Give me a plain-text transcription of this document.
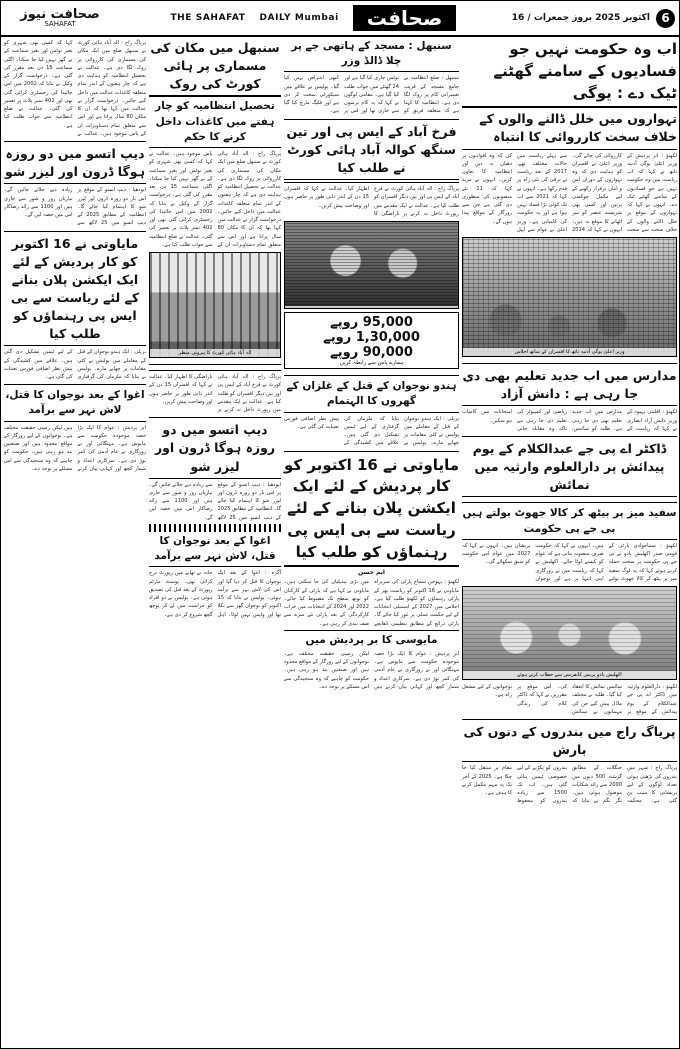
صحافت نیوز
SAHAFAT
THE SAHAFAT DAILY Mumbai	صحافت	16 / اکتوبر 2025 بروز جمعرات 6
اب وہ حکومت نہیں جو فسادیوں کے سامنے گھٹنے ٹیک دے : یوگی
تہواروں میں خلل ڈالنے والوں کے خلاف سخت کارروائی کا انتباہ
لکھنؤ : اتر پردیش کے وزیر اعلیٰ یوگی آدتیہ ناتھ نے کہا کہ اب ریاست میں وہ حکومت نہیں ہے جو فسادیوں کے سامنے گھٹنے ٹیک دے۔ انہوں نے کہا کہ تہواروں کے موقع پر خلل ڈالنے والوں کے خلاف سخت سے سخت کارروائی کی جائے گی۔ وزیر اعلیٰ نے افسران کو ہدایت دی کہ وہ تہواروں کے دوران امن و امان برقرار رکھنے کے لیے مکمل چوکسی برتیں اور کسی بھی شرپسند عنصر کو سر اٹھانے کا موقع نہ دیں۔ انہوں نے کہا کہ 2014 سے پہلے ریاست میں حالات مختلف تھے، 2017 کے بعد ریاست نے ترقی کی نئی راہ پر قدم رکھا ہے۔ انہوں نے کہا کہ 2021 سے اب تک کوئی بڑا فساد نہیں ہوا ہے اور یہ حکومت کی کامیابی ہے۔ وزیر اعلیٰ نے عوام سے اپیل کی کہ وہ افواہوں پر دھیان نہ دیں اور انتظامیہ کا تعاون کریں۔ انہوں نے مزید کہا کہ 11 نئے منصوبوں کی منظوری دی گئی ہے جن سے روزگار کے مواقع پیدا ہوں گے۔
وزیر اعلیٰ یوگی آدتیہ ناتھ کا افسران کے ساتھ اجلاس
مدارس میں اب جدید تعلیم بھی دی جا رہی ہے : دانش آزاد
لکھنؤ : اقلیتی بہبود کے وزیر دانش آزاد انصاری نے کہا کہ ریاست کے مدارس میں اب جدید تعلیم بھی دی جا رہی ہے۔ طلبہ کو سائنس، ریاضی اور کمپیوٹر کی تعلیم دی جا رہی ہے تاکہ وہ مقابلہ جاتی امتحانات میں کامیاب ہو سکیں۔
ڈاکٹر اے پی جے عبدالکلام کے یوم پیدائش پر دارالعلوم وارثیہ میں نمائش
سفید میز پر بیٹھ کر کالا جھوٹ بولتے ہیں بی جے پی حکومت
لکھنؤ : سماجوادی پارٹی کے قومی صدر اکھلیش یادو نے بی جے پی حکومت پر سخت حملہ کرتے ہوئے کہا کہ یہ لوگ سفید میز پر بیٹھ کر کالا جھوٹ بولتے ہیں۔ انہوں نے کہا کہ حکومت صرف منصوبہ بناتی ہے کہ عوام کو کیسے لوٹا جائے۔ اکھلیش نے کہا کہ ریاست میں بے روزگاری اپنی انتہا پر ہے اور نوجوان پریشان ہیں۔ انہوں نے کہا کہ 2027 میں عوام اس حکومت کو سبق سکھائے گی۔
اکھلیش یادو پریس کانفرنس سے خطاب کرتے ہوئے
لکھنؤ : دارالعلوم وارثیہ میں ڈاکٹر اے پی جے عبدالکلام کے یوم پیدائش کے موقع پر سائنس نمائش کا انعقاد کیا گیا۔ طلبہ نے مختلف ماڈل پیش کیے جن کی مہمانوں نے ستائش کی۔ اس موقع پر مقررین نے کہا کہ ڈاکٹر کلام کی زندگی نوجوانوں کے لیے مشعل راہ ہے۔
پریاگ راج میں بندروں کے دنوں کی بارش
پریاگ راج : شہر میں بندروں کی بڑھتی ہوئی تعداد لوگوں کے لیے پریشانی کا سبب بن گئی ہے۔ محکمہ جنگلات کے مطابق گزشتہ 500 دنوں میں 2000 سے زائد شکایات موصول ہوئی ہیں۔ نگر نگم نے بتایا کہ بندروں کو پکڑنے کے لیے خصوصی ٹیمیں بنائی گئی ہیں۔ اب تک 1500 سے زیادہ بندروں کو محفوظ مقام پر منتقل کیا جا چکا ہے۔ 2025 کے آخر تک یہ مہم مکمل کرنے کا ہدف ہے۔
سنبھل : مسجد کے ہاتھی جے پر چلا ڈالڈ وزر
سنبھل : ضلع انتظامیہ نے جامع مسجد کے قریب تعمیراتی کام پر روک لگا دی ہے۔ انتظامیہ کا کہنا ہے کہ متعلقہ فریق کو نوٹس جاری کیا گیا ہے اور 24 گھنٹے میں جواب طلب کیا گیا ہے۔ مقامی لوگوں نے کہا کہ یہ کام برسوں سے جاری تھا اور اس پر کبھی اعتراض نہیں کیا گیا۔ پولیس نے علاقے میں سیکورٹی سخت کر دی ہے اور فلیگ مارچ کیا گیا ہے۔
فرخ آباد کے ایس پی اور تین سنگھ کوالہ آباد ہائی کورٹ نے طلب کیا
پریاگ راج : الہ آباد ہائی کورٹ نے فرخ آباد کے ایس پی اور تین دیگر افسران کو طلب کیا ہے۔ عدالت نے ایک مقدمے میں رپورٹ داخل نہ کرنے پر ناراضگی کا اظہار کیا۔ عدالت نے کہا کہ افسران 15 دن کے اندر ذاتی طور پر حاضر ہوں اور وضاحت پیش کریں۔
95,000 روپے
1,30,000 روپے
90,000 روپے
ہمارے پاس سے رابطہ کریں
ہندو نوجوان کے قتل کے غلزان کے گھروں کا الہتمام
بریلی : ایک ہندو نوجوان کے قتل کے معاملے میں پولیس نے کئی مقامات پر چھاپے مارے۔ پولیس نے بتایا کہ ملزمان کی گرفتاری کے لیے ٹیمیں تشکیل دی گئی ہیں۔ علاقے میں کشیدگی کے پیش نظر اضافی فورس تعینات کی گئی ہے۔
مایاوتی نے 16 اکتوبر کو کار پردیش کے لئے ایک ایکشن پلان بنانے کے لئے ریاست سے بی ایس پی رہنماؤں کو طلب کیا
ایم حسن
لکھنؤ : بہوجن سماج پارٹی کی سربراہ مایاوتی نے 16 اکتوبر کو ریاست بھر کے پارٹی رہنماؤں کو لکھنؤ طلب کیا ہے۔ اجلاس میں 2027 کے اسمبلی انتخابات کے لیے حکمت عملی پر غور کیا جائے گا۔ پارٹی ذرائع کے مطابق تنظیمی ڈھانچے میں بڑی تبدیلیاں کی جا سکتی ہیں۔ مایاوتی نے کہا ہے کہ پارٹی کے کارکنان کو بوتھ سطح تک مضبوط کیا جائے۔ 2022 اور 2024 کے انتخابات میں خراب کارکردگی کے بعد پارٹی نئے سرے سے صف بندی کر رہی ہے۔
مایوسی کا بر پردیش میں
اتر پردیش : عوام کا ایک بڑا حصہ موجودہ حکومت سے مایوس ہے۔ مہنگائی اور بے روزگاری نے عام آدمی کی کمر توڑ دی ہے۔ سرکاری اعداد و شمار کچھ اور کہانی بیان کرتے ہیں لیکن زمینی حقیقت مختلف ہے۔ نوجوانوں کے لیے روزگار کے مواقع محدود ہیں اور صنعتیں بند ہو رہی ہیں۔ حکومت کو چاہیے کہ وہ سنجیدگی سے اس مسئلے پر توجہ دے۔
سنبھل میں مکان کی مسماری پر ہائی کورٹ کی روک
تحصیل انتظامیہ کو چار ہفتے میں کاغذات داخل کرنے کا حکم
پریاگ راج : الہ آباد ہائی کورٹ نے سنبھل ضلع میں ایک مکان کی مسماری کی کارروائی پر روک لگا دی ہے۔ عدالت نے تحصیل انتظامیہ کو ہدایت دی ہے کہ چار ہفتوں کے اندر تمام متعلقہ کاغذات عدالت میں داخل کیے جائیں۔ درخواست گزار نے عدالت میں کہا تھا کہ ان کا مکان 80 سال پرانا ہے اور اس سے متعلق تمام دستاویزات ان کے پاس موجود ہیں۔ عدالت نے کہا کہ کسی بھی شہری کو بغیر نوٹس اور بغیر سماعت کے بے گھر نہیں کیا جا سکتا۔ اگلی سماعت 15 دن بعد مقرر کی گئی ہے۔ درخواست گزار کے وکیل نے بتایا کہ 2002 میں اس جائیدا کی رجسٹری کرائی گئی تھی اور 402 نمبر پلاٹ پر تعمیر کی گئی۔ عدالت نے ضلع انتظامیہ سے جواب طلب کیا ہے۔
الہ آباد ہائی کورٹ کا بیرونی منظر
پریاگ راج : الہ آباد ہائی کورٹ نے فرخ آباد کے ایس پی اور تین دیگر افسران کو طلب کیا ہے۔ عدالت نے ایک مقدمے میں رپورٹ داخل نہ کرنے پر ناراضگی کا اظہار کیا۔ عدالت نے کہا کہ افسران 15 دن کے اندر ذاتی طور پر حاضر ہوں اور وضاحت پیش کریں۔
دیپ اتسو میں دو روزہ ہوگا ڈرون اور لیزر شو
ایودھیا : دیپ اتسو کے موقع پر اس بار دو روزہ ڈرون اور لیزر شو کا اہتمام کیا جائے گا۔ انتظامیہ کے مطابق 2025 کے دیپ اتسو میں 25 لاکھ سے زیادہ دیے جلائے جائیں گے۔ تیاریاں زور و شور سے جاری ہیں اور 1100 سے زائد رضاکار اس میں حصہ لیں گے۔
اغوا کے بعد نوجوان کا قتل، لاش نہر سے برآمد
آگرہ : اغوا کے بعد ایک نوجوان کا قتل کر دیا گیا اور اس کی لاش نہر سے برآمد ہوئی۔ پولیس نے بتایا کہ 15 اکتوبر کو نوجوان گھر سے نکلا تھا اور واپس نہیں لوٹا۔ اہل خانہ نے تھانے میں رپورٹ درج کرائی تھی۔ پوسٹ مارٹم رپورٹ کے بعد قتل کی تصدیق ہوئی ہے۔ پولیس نے دو افراد کو حراست میں لے کر پوچھ گچھ شروع کر دی ہے۔
پریاگ راج : الہ آباد ہائی کورٹ نے سنبھل ضلع میں ایک مکان کی مسماری کی کارروائی پر روک لگا دی ہے۔ عدالت نے تحصیل انتظامیہ کو ہدایت دی ہے کہ چار ہفتوں کے اندر تمام متعلقہ کاغذات عدالت میں داخل کیے جائیں۔ درخواست گزار نے عدالت میں کہا تھا کہ ان کا مکان 80 سال پرانا ہے اور اس سے متعلق تمام دستاویزات ان کے پاس موجود ہیں۔ عدالت نے کہا کہ کسی بھی شہری کو بغیر نوٹس اور بغیر سماعت کے بے گھر نہیں کیا جا سکتا۔ اگلی سماعت 15 دن بعد مقرر کی گئی ہے۔ درخواست گزار کے وکیل نے بتایا کہ 2002 میں اس جائیدا کی رجسٹری کرائی گئی تھی اور 402 نمبر پلاٹ پر تعمیر کی گئی۔ عدالت نے ضلع انتظامیہ سے جواب طلب کیا ہے۔
دیپ اتسو میں دو روزہ ہوگا ڈرون اور لیزر شو
ایودھیا : دیپ اتسو کے موقع پر اس بار دو روزہ ڈرون اور لیزر شو کا اہتمام کیا جائے گا۔ انتظامیہ کے مطابق 2025 کے دیپ اتسو میں 25 لاکھ سے زیادہ دیے جلائے جائیں گے۔ تیاریاں زور و شور سے جاری ہیں اور 1100 سے زائد رضاکار اس میں حصہ لیں گے۔
مایاوتی نے 16 اکتوبر کو کار پردیش کے لئے ایک ایکشن پلان بنانے کے لئے ریاست سے بی ایس پی رہنماؤں کو طلب کیا
بریلی : ایک ہندو نوجوان کے قتل کے معاملے میں پولیس نے کئی مقامات پر چھاپے مارے۔ پولیس نے بتایا کہ ملزمان کی گرفتاری کے لیے ٹیمیں تشکیل دی گئی ہیں۔ علاقے میں کشیدگی کے پیش نظر اضافی فورس تعینات کی گئی ہے۔
اغوا کے بعد نوجوان کا قتل، لاش نہر سے برآمد
اتر پردیش : عوام کا ایک بڑا حصہ موجودہ حکومت سے مایوس ہے۔ مہنگائی اور بے روزگاری نے عام آدمی کی کمر توڑ دی ہے۔ سرکاری اعداد و شمار کچھ اور کہانی بیان کرتے ہیں لیکن زمینی حقیقت مختلف ہے۔ نوجوانوں کے لیے روزگار کے مواقع محدود ہیں اور صنعتیں بند ہو رہی ہیں۔ حکومت کو چاہیے کہ وہ سنجیدگی سے اس مسئلے پر توجہ دے۔
